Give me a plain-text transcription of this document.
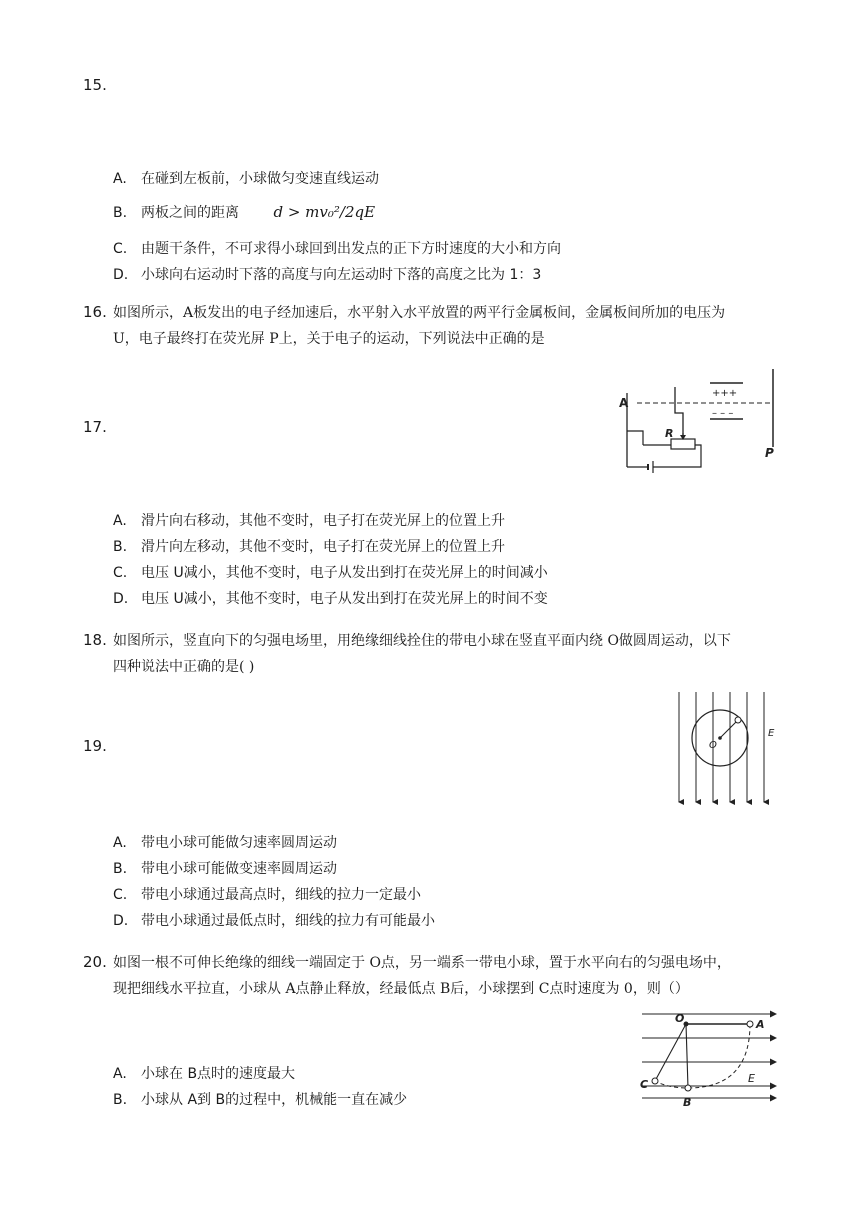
15.
A. 在碰到左板前，小球做匀变速直线运动
B. 两板之间的距离 d > mv₀²/2qE
C. 由题干条件，不可求得小球回到出发点的正下方时速度的大小和方向
D. 小球向右运动时下落的高度与向左运动时下落的高度之比为 1：3
16. 如图所示，A板发出的电子经加速后，水平射入水平放置的两平行金属板间，金属板间所加的电压为
U，电子最终打在荧光屏 P上，关于电子的运动，下列说法中正确的是
17.
+++
– – –
A
R
P
A. 滑片向右移动，其他不变时，电子打在荧光屏上的位置上升
B. 滑片向左移动，其他不变时，电子打在荧光屏上的位置上升
C. 电压 U减小，其他不变时，电子从发出到打在荧光屏上的时间减小
D. 电压 U减小，其他不变时，电子从发出到打在荧光屏上的时间不变
18. 如图所示，竖直向下的匀强电场里，用绝缘细线拴住的带电小球在竖直平面内绕 O做圆周运动，以下
四种说法中正确的是( )
19.	O
E
A. 带电小球可能做匀速率圆周运动
B. 带电小球可能做变速率圆周运动
C. 带电小球通过最高点时，细线的拉力一定最小
D. 带电小球通过最低点时，细线的拉力有可能最小
20. 如图一根不可伸长绝缘的细线一端固定于 O点，另一端系一带电小球，置于水平向右的匀强电场中，
现把细线水平拉直，小球从 A点静止释放，经最低点 B后，小球摆到 C点时速度为 0，则（）
O	A
B
C	E
A. 小球在 B点时的速度最大
B. 小球从 A到 B的过程中，机械能一直在减少
